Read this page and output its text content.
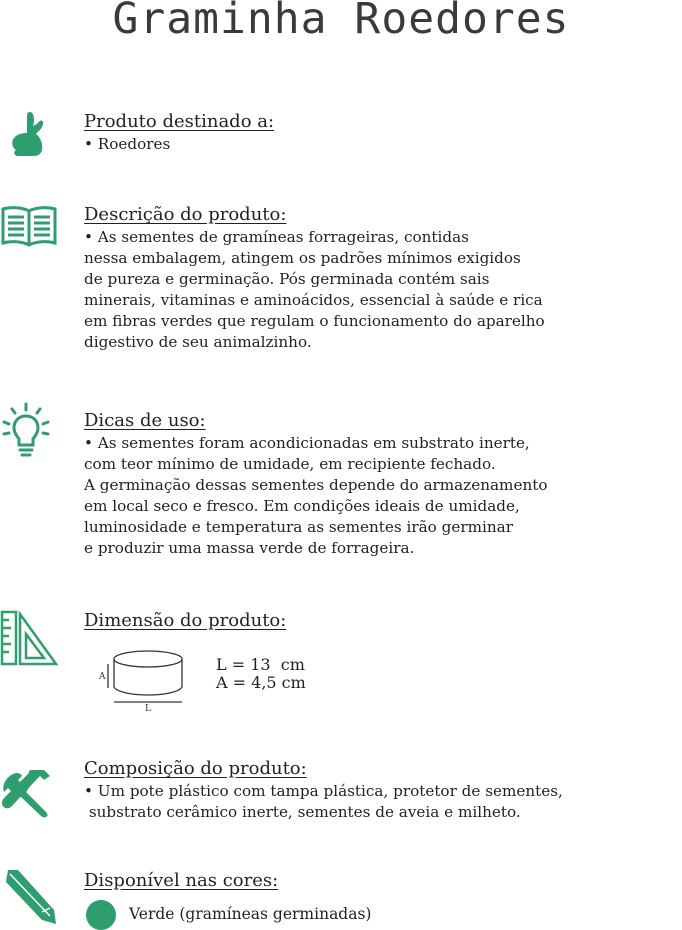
Graminha Roedores

Produto destinado a:

• Roedores

Descrição do produto:

• As sementes de gramíneas forrageiras, contidas
nessa embalagem, atingem os padrões mínimos exigidos
de pureza e germinação. Pós germinada contém sais
minerais, vitaminas e aminoácidos, essencial à saúde e rica
em fibras verdes que regulam o funcionamento do aparelho
digestivo de seu animalzinho.

Dicas de uso:

• As sementes foram acondicionadas em substrato inerte,
com teor mínimo de umidade, em recipiente fechado.
A germinação dessas sementes depende do armazenamento
em local seco e fresco. Em condições ideais de umidade,
luminosidade e temperatura as sementes irão germinar
e produzir uma massa verde de forrageira.

Dimensão do produto:

A
L
L = 13  cm
A = 4,5 cm

Composição do produto:

• Um pote plástico com tampa plástica, protetor de sementes,
substrato cerâmico inerte, sementes de aveia e milheto.

Disponível nas cores:

Verde (gramíneas germinadas)
